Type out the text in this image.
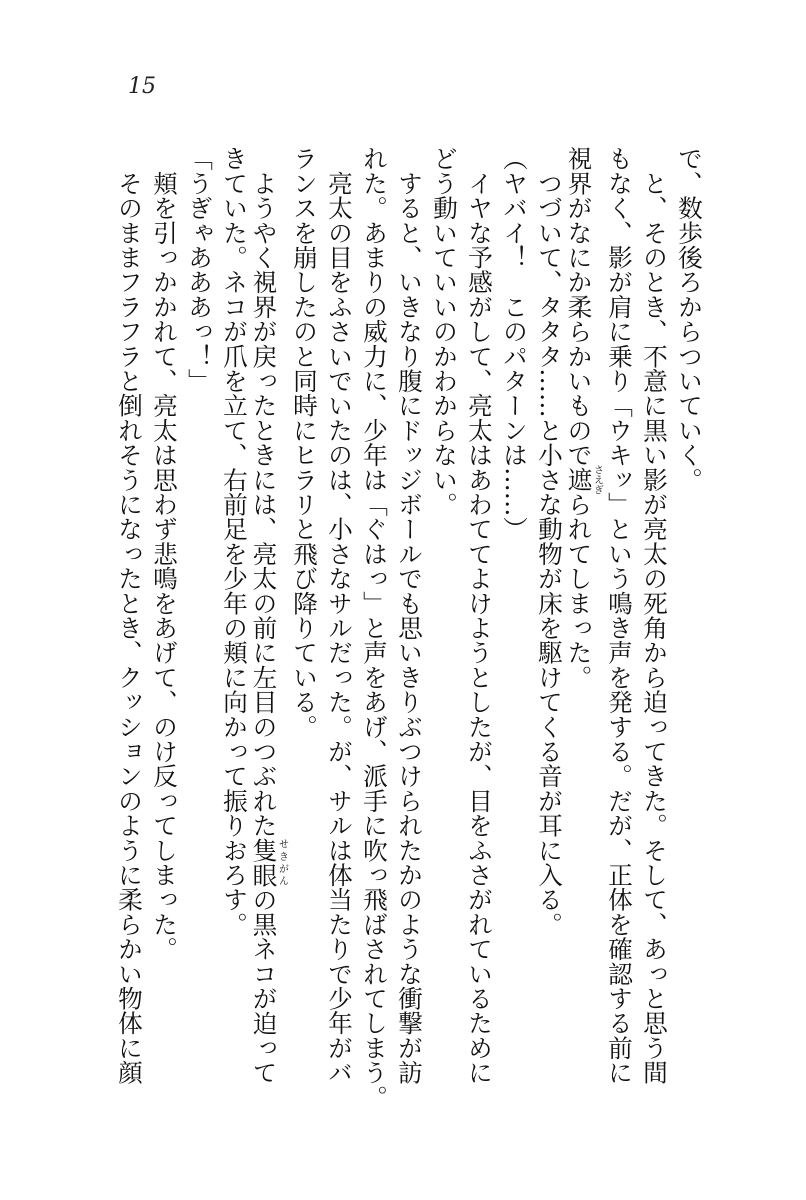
15
で、数歩後ろからついていく。
　と、そのとき、不意に黒い影が亮太の死角から迫ってきた。そして、あっと思う間
もなく、影が肩に乗り「ウキッ」という鳴き声を発する。だが、正体を確認する前に
視界がなにか柔らかいもので遮さえぎられてしまった。
　つづいて、タタタ……と小さな動物が床を駆けてくる音が耳に入る。
（ヤバイ！　このパターンは……）
　イヤな予感がして、亮太はあわててよけようとしたが、目をふさがれているために
どう動いていいのかわからない。
　すると、いきなり腹にドッジボールでも思いきりぶつけられたかのような衝撃が訪
れた。あまりの威力に、少年は「ぐはっ」と声をあげ、派手に吹っ飛ばされてしまう。
　亮太の目をふさいでいたのは、小さなサルだった。が、サルは体当たりで少年がバ
ランスを崩したのと同時にヒラリと飛び降りている。
　ようやく視界が戻ったときには、亮太の前に左目のつぶれた隻眼せきがんの黒ネコが迫って
きていた。ネコが爪を立て、右前足を少年の頬に向かって振りおろす。
「うぎゃあああっ！」
　頬を引っかかれて、亮太は思わず悲鳴をあげて、のけ反ってしまった。
　そのままフラフラと倒れそうになったとき、クッションのように柔らかい物体に顔
